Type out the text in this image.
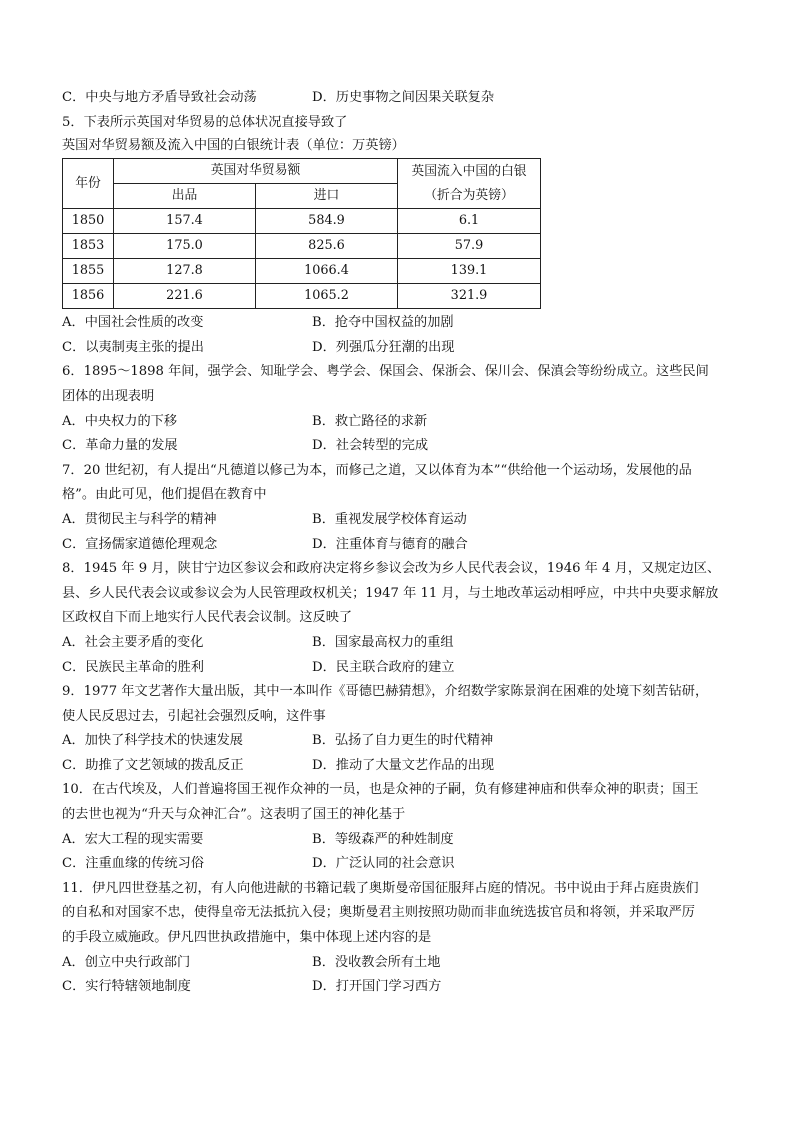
C．中央与地方矛盾导致社会动荡	D．历史事物之间因果关联复杂
5．下表所示英国对华贸易的总体状况直接导致了
英国对华贸易额及流入中国的白银统计表（单位：万英镑）
年份	英国对华贸易额		英国流入中国的白银
（折合为英镑）

	出品	进口	
1850	157.4	584.9	6.1
1853	175.0	825.6	57.9
1855	127.8	1066.4	139.1
1856	221.6	1065.2	321.9
A．中国社会性质的改变	B．抢夺中国权益的加剧
C．以夷制夷主张的提出	D．列强瓜分狂潮的出现
6．1895～1898 年间，强学会、知耻学会、粤学会、保国会、保浙会、保川会、保滇会等纷纷成立。这些民间
团体的出现表明
A．中央权力的下移	B．救亡路径的求新
C．革命力量的发展	D．社会转型的完成
7．20 世纪初，有人提出“凡德道以修己为本，而修己之道，又以体育为本”“供给他一个运动场，发展他的品
格”。由此可见，他们提倡在教育中
A．贯彻民主与科学的精神	B．重视发展学校体育运动
C．宣扬儒家道德伦理观念	D．注重体育与德育的融合
8．1945 年 9 月，陕甘宁边区参议会和政府决定将乡参议会改为乡人民代表会议，1946 年 4 月，又规定边区、
县、乡人民代表会议或参议会为人民管理政权机关；1947 年 11 月，与土地改革运动相呼应，中共中央要求解放
区政权自下而上地实行人民代表会议制。这反映了
A．社会主要矛盾的变化	B．国家最高权力的重组
C．民族民主革命的胜利	D．民主联合政府的建立
9．1977 年文艺著作大量出版，其中一本叫作《哥德巴赫猜想》，介绍数学家陈景润在困难的处境下刻苦钻研，
使人民反思过去，引起社会强烈反响，这件事
A．加快了科学技术的快速发展	B．弘扬了自力更生的时代精神
C．助推了文艺领域的拨乱反正	D．推动了大量文艺作品的出现
10．在古代埃及，人们普遍将国王视作众神的一员，也是众神的子嗣，负有修建神庙和供奉众神的职责；国王
的去世也视为“升天与众神汇合”。这表明了国王的神化基于
A．宏大工程的现实需要	B．等级森严的种姓制度
C．注重血缘的传统习俗	D．广泛认同的社会意识
11．伊凡四世登基之初，有人向他进献的书籍记载了奥斯曼帝国征服拜占庭的情况。书中说由于拜占庭贵族们
的自私和对国家不忠，使得皇帝无法抵抗入侵；奥斯曼君主则按照功勋而非血统选拔官员和将领，并采取严厉
的手段立威施政。伊凡四世执政措施中，集中体现上述内容的是
A．创立中央行政部门	B．没收教会所有土地
C．实行特辖领地制度	D．打开国门学习西方
